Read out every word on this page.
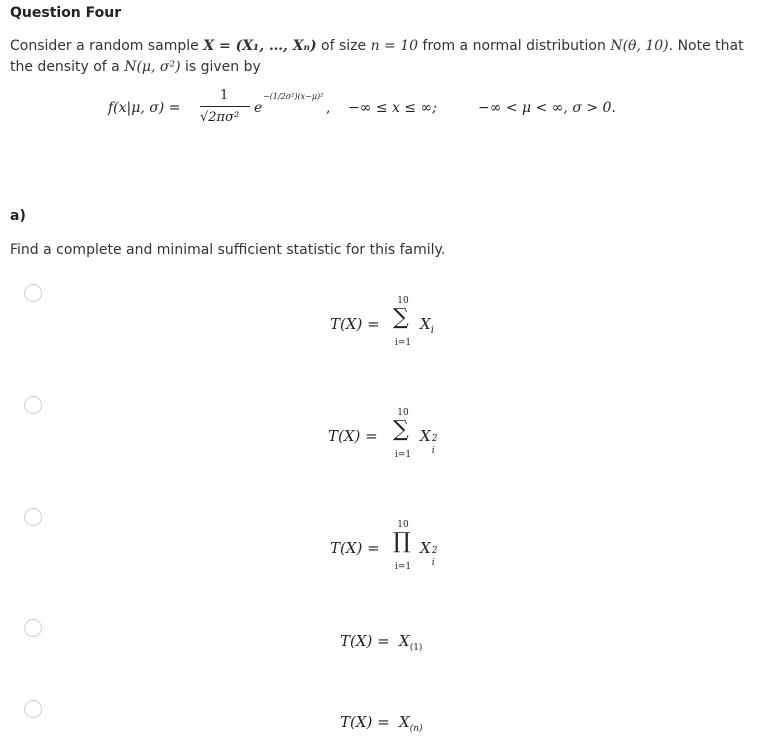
Question Four
Consider a random sample X = (X₁, …, Xₙ) of size n = 10 from a normal distribution N(θ, 10). Note that
the density of a N(μ, σ²) is given by
f(x|μ, σ) =
1
√2πσ²
e
−(1/2σ²)(x−μ)²
, −∞ ≤ x ≤ ∞;	−∞ < μ < ∞, σ > 0.
a)
Find a complete and minimal sufficient statistic for this family.
T(X) =
10
∑
i=1
$X_i$
T(X) =
10
∑
i=1
X 2
i
T(X) =
10
∏
i=1
X 2
i
$T(X) = X_{(1)}$
$T(X) = X_{(n)}$
